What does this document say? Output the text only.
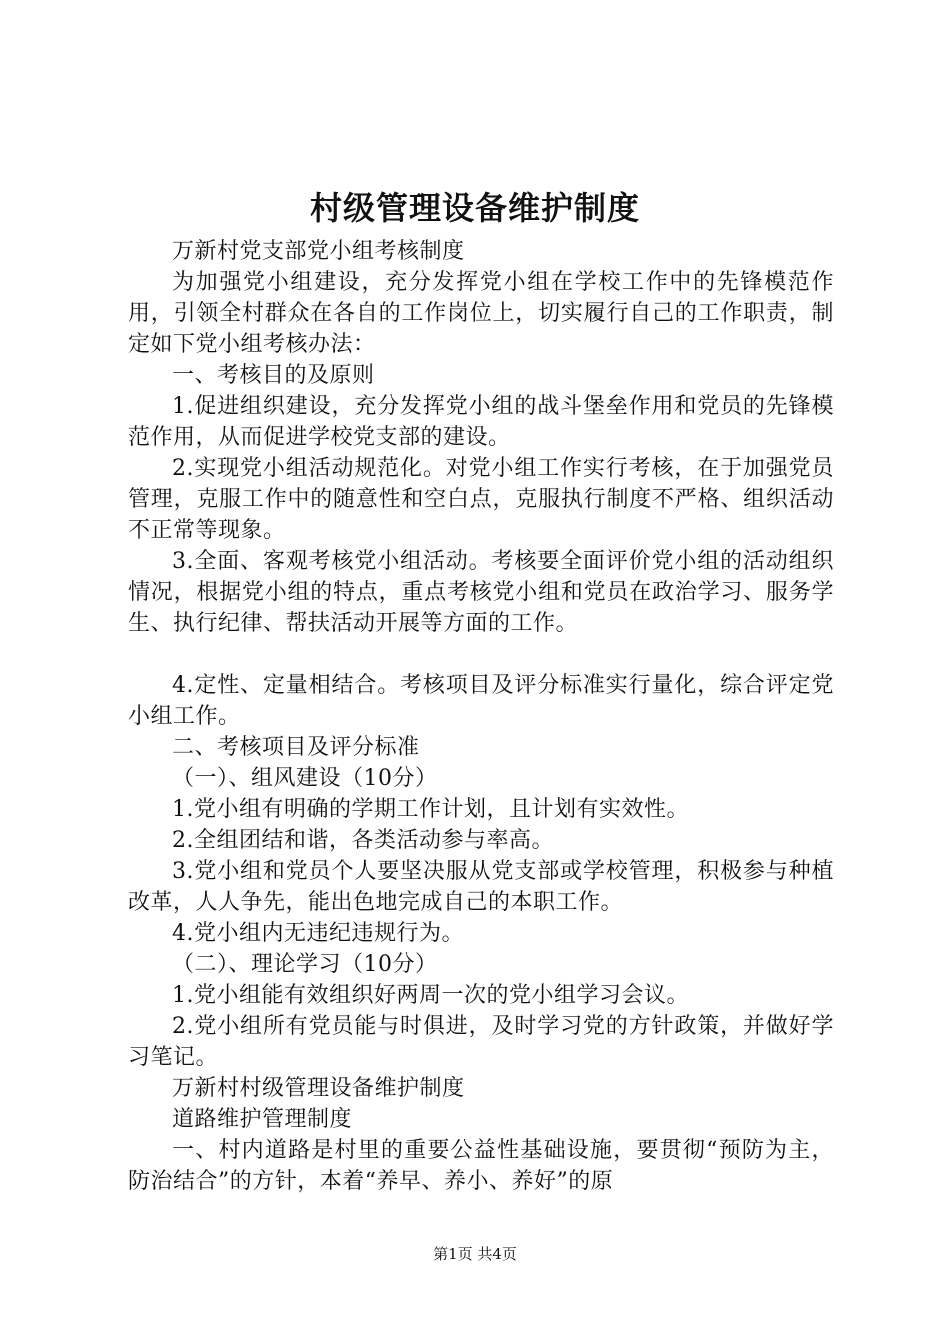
村级管理设备维护制度

万新村党支部党小组考核制度

为加强党小组建设，充分发挥党小组在学校工作中的先锋模范作用，引领全村群众在各自的工作岗位上，切实履行自己的工作职责，制定如下党小组考核办法：

一、考核目的及原则

1.促进组织建设，充分发挥党小组的战斗堡垒作用和党员的先锋模范作用，从而促进学校党支部的建设。

2.实现党小组活动规范化。对党小组工作实行考核，在于加强党员管理，克服工作中的随意性和空白点，克服执行制度不严格、组织活动不正常等现象。

3.全面、客观考核党小组活动。考核要全面评价党小组的活动组织情况，根据党小组的特点，重点考核党小组和党员在政治学习、服务学生、执行纪律、帮扶活动开展等方面的工作。

4.定性、定量相结合。考核项目及评分标准实行量化，综合评定党小组工作。

二、考核项目及评分标准

（一）、组风建设（10分）

1.党小组有明确的学期工作计划，且计划有实效性。

2.全组团结和谐，各类活动参与率高。

3.党小组和党员个人要坚决服从党支部或学校管理，积极参与种植改革，人人争先，能出色地完成自己的本职工作。

4.党小组内无违纪违规行为。

（二）、理论学习（10分）

1.党小组能有效组织好两周一次的党小组学习会议。

2.党小组所有党员能与时俱进，及时学习党的方针政策，并做好学习笔记。

万新村村级管理设备维护制度

道路维护管理制度

一、村内道路是村里的重要公益性基础设施，要贯彻“预防为主，防治结合”的方针，本着“养早、养小、养好”的原

第1页 共4页
